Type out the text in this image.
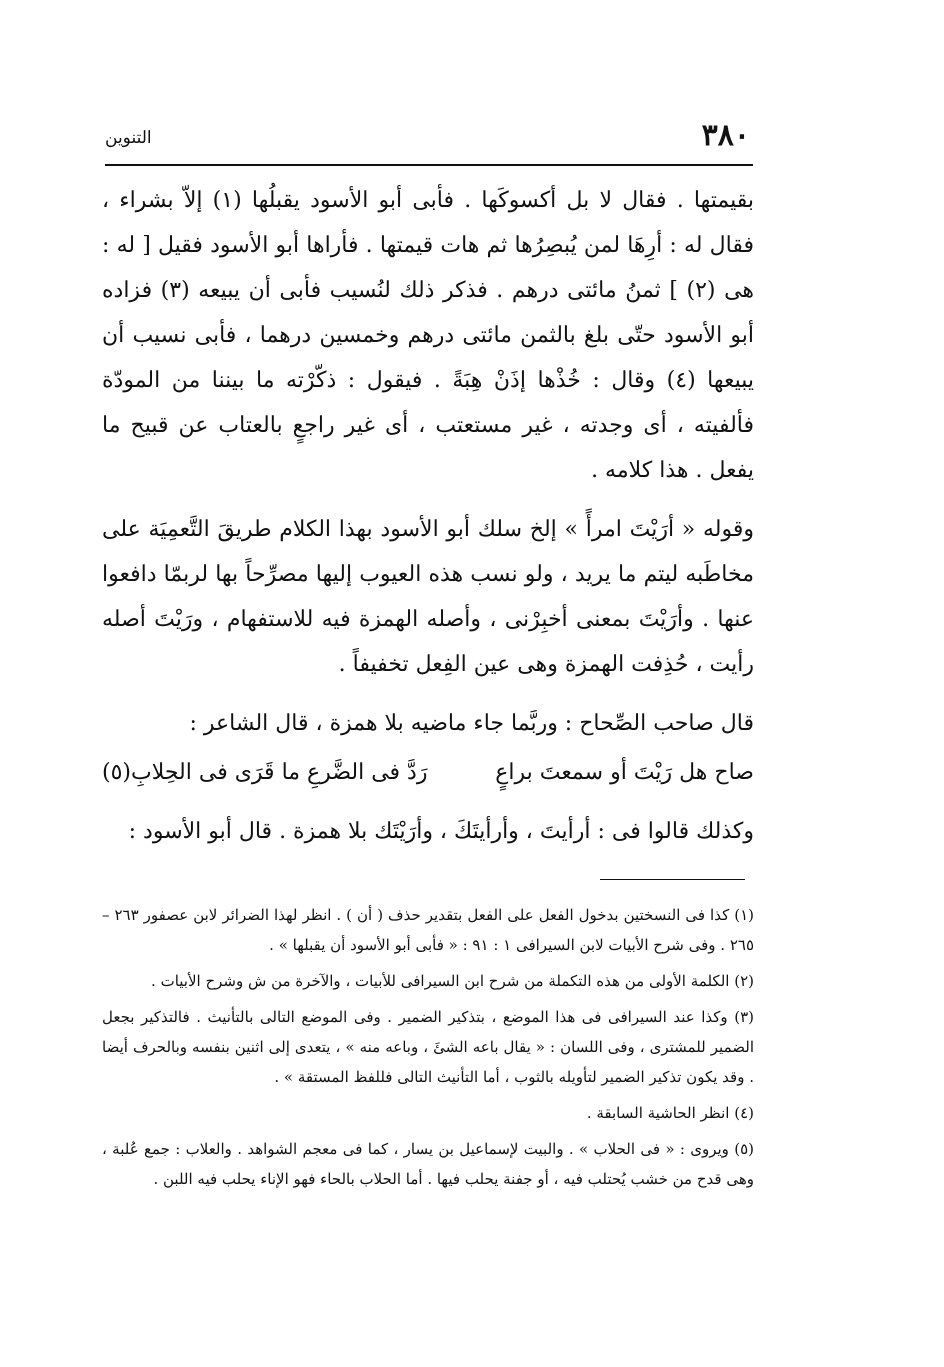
٣٨٠
التنوين

بقيمتها . فقال لا بل أكسوكَها . فأبى أبو الأسود يقبلُها (١) إلاّ بشراء ، فقال له : أرِهَا لمن يُبصِرُها ثم هات قيمتها . فأراها أبو الأسود فقيل [ له : هى (٢) ] ثمنُ مائتى درهم . فذكر ذلك لنُسيب فأبى أن يبيعه (٣) فزاده أبو الأسود حتّى بلغ بالثمن مائتى درهم وخمسين درهما ، فأبى نسيب أن يبيعها (٤) وقال : خُذْها إذَنْ هِبَةً . فيقول : ذكّرْته ما بيننا من المودّة فألفيته ، أى وجدته ، غير مستعتب ، أى غير راجعٍ بالعتاب عن قبيح ما يفعل . هذا كلامه .

وقوله « أرَيْتَ امرأً » إلخ سلك أبو الأسود بهذا الكلام طريقَ التَّعمِيَة على مخاطَبه ليتم ما يريد ، ولو نسب هذه العيوب إليها مصرِّحاً بها لربمّا دافعوا عنها . وأرَيْتَ بمعنى أخبِرْنى ، وأصله الهمزة فيه للاستفهام ، ورَيْتَ أصله رأيت ، حُذِفت الهمزة وهى عين الفِعل تخفيفاً .

قال صاحب الصِّحاح : وربَّما جاء ماضيه بلا همزة ، قال الشاعر :

صاح هل رَيْتَ أو سمعتَ براعٍ
رَدَّ فى الضَّرعِ ما قَرَى فى الحِلابِ(٥)

وكذلك قالوا فى : أرأيتَ ، وأرأيتَكَ ، وأرَيْتَك بلا همزة . قال أبو الأسود :

(١) كذا فى النسختين بدخول الفعل على الفعل بتقدير حذف ( أن ) . انظر لهذا الضرائر لابن عصفور ٢٦٣ – ٢٦٥ . وفى شرح الأبيات لابن السيرافى ١ : ٩١ : « فأبى أبو الأسود أن يقبلها » .

(٢) الكلمة الأولى من هذه التكملة من شرح ابن السيرافى للأبيات ، والآخرة من ش وشرح الأبيات .

(٣) وكذا عند السيرافى فى هذا الموضع ، بتذكير الضمير . وفى الموضع التالى بالتأنيث . فالتذكير بجعل الضمير للمشترى ، وفى اللسان : « يقال باعه الشئَ ، وباعه منه » ، يتعدى إلى اثنين بنفسه وبالحرف أيضا . وقد يكون تذكير الضمير لتأويله بالثوب ، أما التأنيث التالى فللفظ المستقة » .

(٤) انظر الحاشية السابقة .

(٥) ويروى : « فى الحلاب » . والبيت لإسماعيل بن يسار ، كما فى معجم الشواهد . والعلاب : جمع عُلبة ، وهى قدح من خشب يُحتلب فيه ، أو جفنة يحلب فيها . أما الحلاب بالحاء فهو الإناء يحلب فيه اللبن .
